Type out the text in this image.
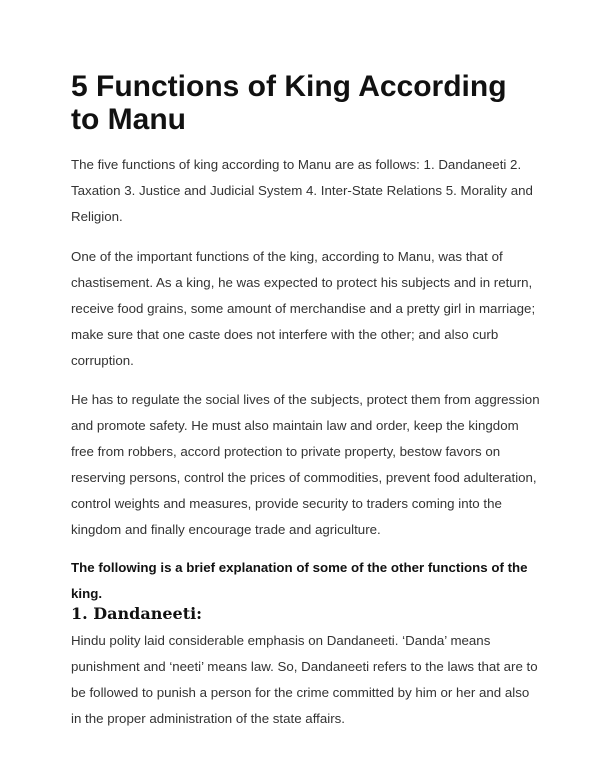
5 Functions of King According to Manu

The five functions of king according to Manu are as follows: 1. Dandaneeti 2. Taxation 3. Justice and Judicial System 4. Inter-State Relations 5. Morality and Religion.

One of the important functions of the king, according to Manu, was that of chastisement. As a king, he was expected to protect his subjects and in return, receive food grains, some amount of merchandise and a pretty girl in marriage; make sure that one caste does not interfere with the other; and also curb corruption.

He has to regulate the social lives of the subjects, protect them from aggression and promote safety. He must also maintain law and order, keep the kingdom free from robbers, accord protection to private property, bestow favors on reserving persons, control the prices of commodities, prevent food adulteration, control weights and measures, provide security to traders coming into the kingdom and finally encourage trade and agriculture.

The following is a brief explanation of some of the other functions of the king.

1. Dandaneeti:

Hindu polity laid considerable emphasis on Dandaneeti. ‘Danda’ means punishment and ‘neeti’ means law. So, Dandaneeti refers to the laws that are to be followed to punish a person for the crime committed by him or her and also in the proper administration of the state affairs.
